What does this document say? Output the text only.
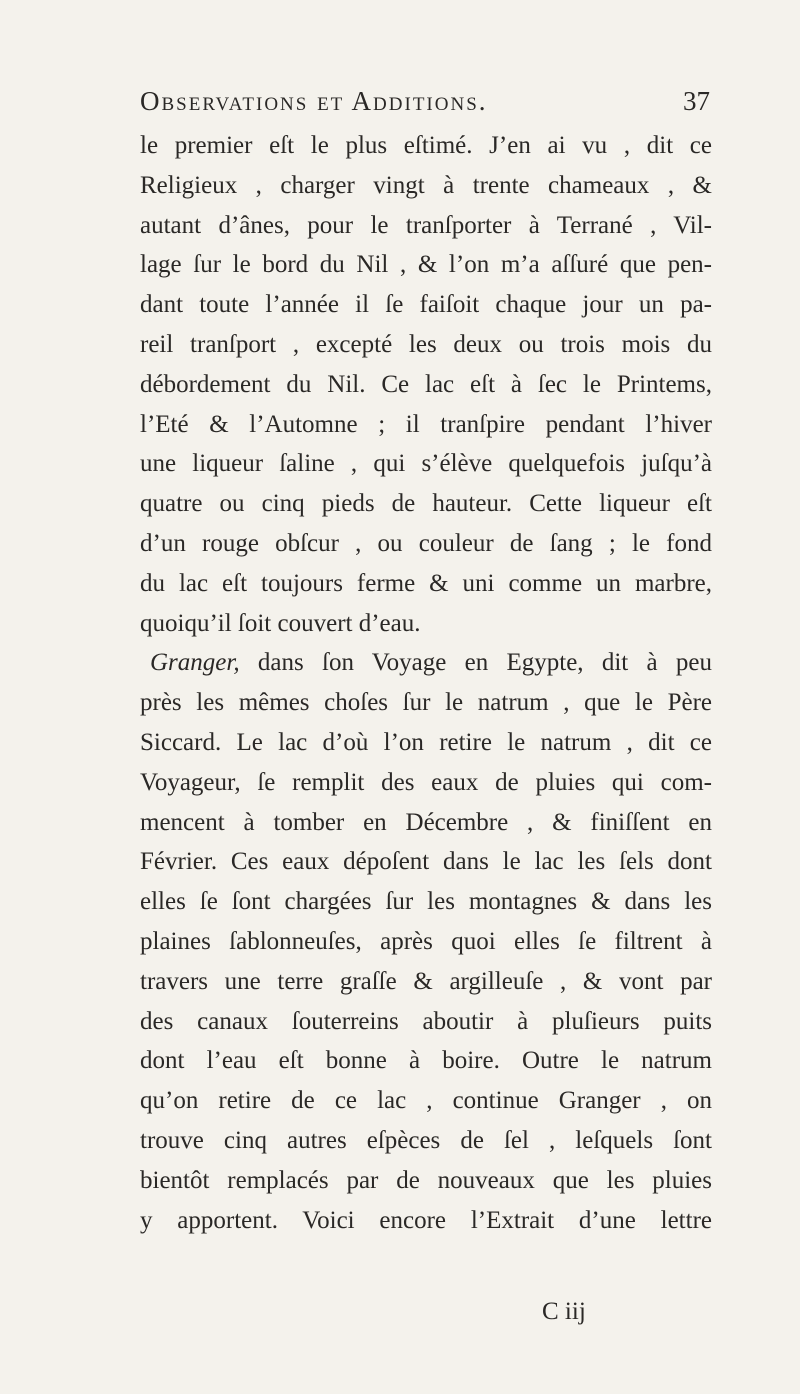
Observations et Additions.	37
le premier eſt le plus eſtimé. J’en ai vu , dit ce
Religieux , charger vingt à trente chameaux , &
autant d’ânes, pour le tranſporter à Terrané , Vil-
lage ſur le bord du Nil , & l’on m’a aſſuré que pen-
dant toute l’année il ſe faiſoit chaque jour un pa-
reil tranſport , excepté les deux ou trois mois du
débordement du Nil. Ce lac eſt à ſec le Printems,
l’Eté & l’Automne ; il tranſpire pendant l’hiver
une liqueur ſaline , qui s’élève quelquefois juſqu’à
quatre ou cinq pieds de hauteur. Cette liqueur eſt
d’un rouge obſcur , ou couleur de ſang ; le fond
du lac eſt toujours ferme & uni comme un marbre,
quoiqu’il ſoit couvert d’eau.
Granger, dans ſon Voyage en Egypte, dit à peu
près les mêmes choſes ſur le natrum , que le Père
Siccard. Le lac d’où l’on retire le natrum , dit ce
Voyageur, ſe remplit des eaux de pluies qui com-
mencent à tomber en Décembre , & finiſſent en
Février. Ces eaux dépoſent dans le lac les ſels dont
elles ſe ſont chargées ſur les montagnes & dans les
plaines ſablonneuſes, après quoi elles ſe filtrent à
travers une terre graſſe & argilleuſe , & vont par
des canaux ſouterreins aboutir à pluſieurs puits
dont l’eau eſt bonne à boire. Outre le natrum
qu’on retire de ce lac , continue Granger , on
trouve cinq autres eſpèces de ſel , leſquels ſont
bientôt remplacés par de nouveaux que les pluies
y apportent. Voici encore l’Extrait d’une lettre
C iij
